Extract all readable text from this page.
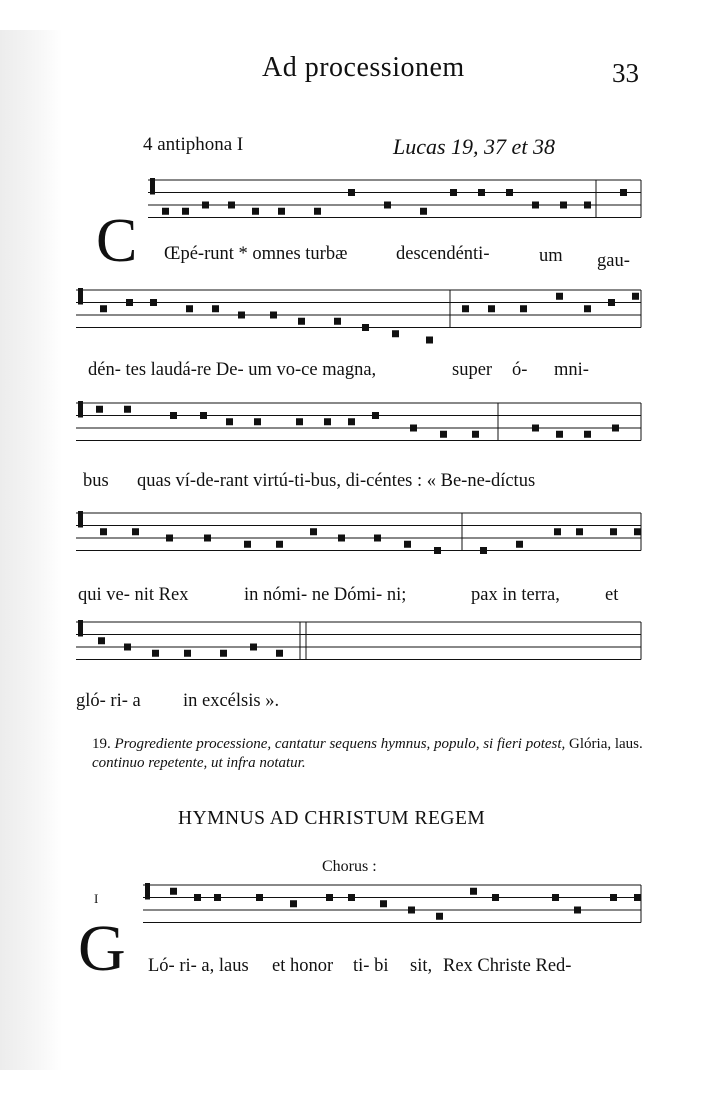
Ad processionem	33
4 antiphona I	Lucas 19, 37 et 38
C Œpé-runt * omnes turbæ	descendénti-	um gau-
dén- tes laudá-re De- um vo-ce magna,	super ó- mni-
bus quas ví-de-rant virtú-ti-bus, di-céntes : « Be-ne-díctus
qui ve- nit Rex	in nómi- ne Dómi- ni;	pax in terra, et
gló- ri- a in excélsis ».
19. Progrediente processione, cantatur sequens hymnus, populo, si fieri potest, Glória, laus. continuo repetente, ut infra notatur.
HYMNUS AD CHRISTUM REGEM
Chorus :
I
G Ló- ri- a, laus et honor ti- bi sit, Rex Christe Red-
